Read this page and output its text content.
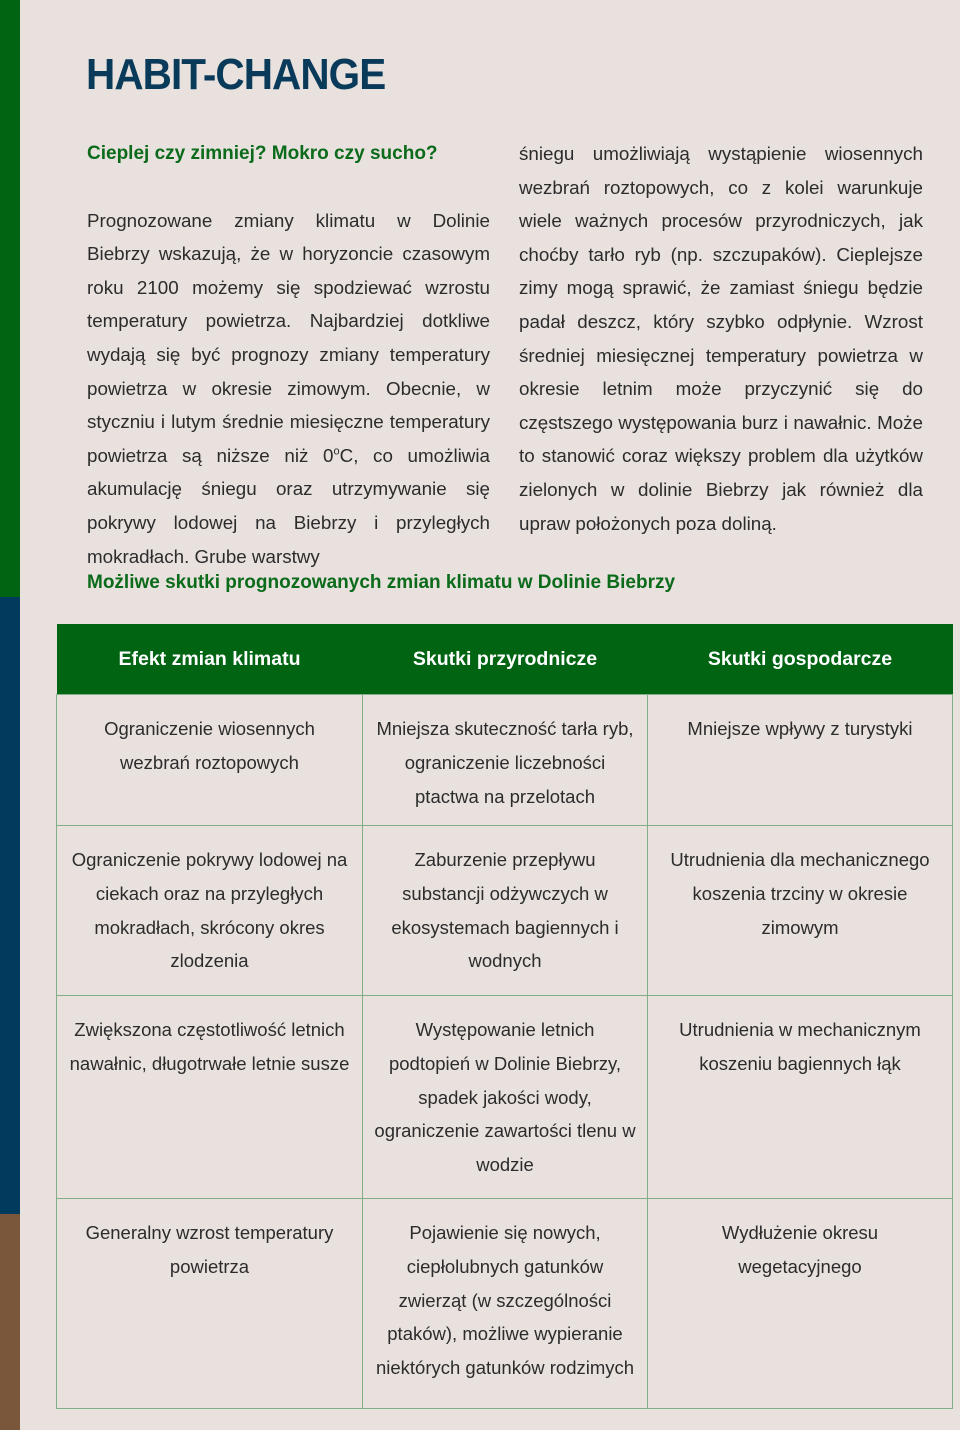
HABIT-CHANGE

Cieplej czy zimniej? Mokro czy sucho?

Prognozowane zmiany klimatu w Dolinie Biebrzy wskazują, że w horyzoncie czasowym roku 2100 możemy się spodziewać wzrostu temperatury powietrza. Najbardziej dotkliwe wydają się być prognozy zmiany temperatury powietrza w okresie zimowym. Obecnie, w styczniu i lutym średnie miesięczne temperatury powietrza są niższe niż 0$^o$C, co umożliwia akumulację śniegu oraz utrzymywanie się pokrywy lodowej na Biebrzy i przyległych mokradłach. Grube warstwy

śniegu umożliwiają wystąpienie wiosennych wezbrań roztopowych, co z kolei warunkuje wiele ważnych procesów przyrodniczych, jak choćby tarło ryb (np. szczupaków). Cieplejsze zimy mogą sprawić, że zamiast śniegu będzie padał deszcz, który szybko odpłynie. Wzrost średniej miesięcznej temperatury powietrza w okresie letnim może przyczynić się do częstszego występowania burz i nawałnic. Może to stanowić coraz większy problem dla użytków zielonych w dolinie Biebrzy jak również dla upraw położonych poza doliną.

Możliwe skutki prognozowanych zmian klimatu w Dolinie Biebrzy
Efekt zmian klimatu	Skutki przyrodnicze	Skutki gospodarcze
Ograniczenie wiosennych wezbrań roztopowych	Mniejsza skuteczność tarła ryb, ograniczenie liczebności ptactwa na przelotach	Mniejsze wpływy z turystyki
Ograniczenie pokrywy lodowej na ciekach oraz na przyległych mokradłach, skrócony okres zlodzenia	Zaburzenie przepływu substancji odżywczych w ekosystemach bagiennych i wodnych	Utrudnienia dla mechanicznego koszenia trzciny w okresie zimowym
Zwiększona częstotliwość letnich nawałnic, długotrwałe letnie susze	Występowanie letnich podtopień w Dolinie Biebrzy, spadek jakości wody, ograniczenie zawartości tlenu w wodzie	Utrudnienia w mechanicznym koszeniu bagiennych łąk
Generalny wzrost temperatury powietrza	Pojawienie się nowych, ciepłolubnych gatunków zwierząt (w szczególności ptaków), możliwe wypieranie niektórych gatunków rodzimych	Wydłużenie okresu wegetacyjnego
